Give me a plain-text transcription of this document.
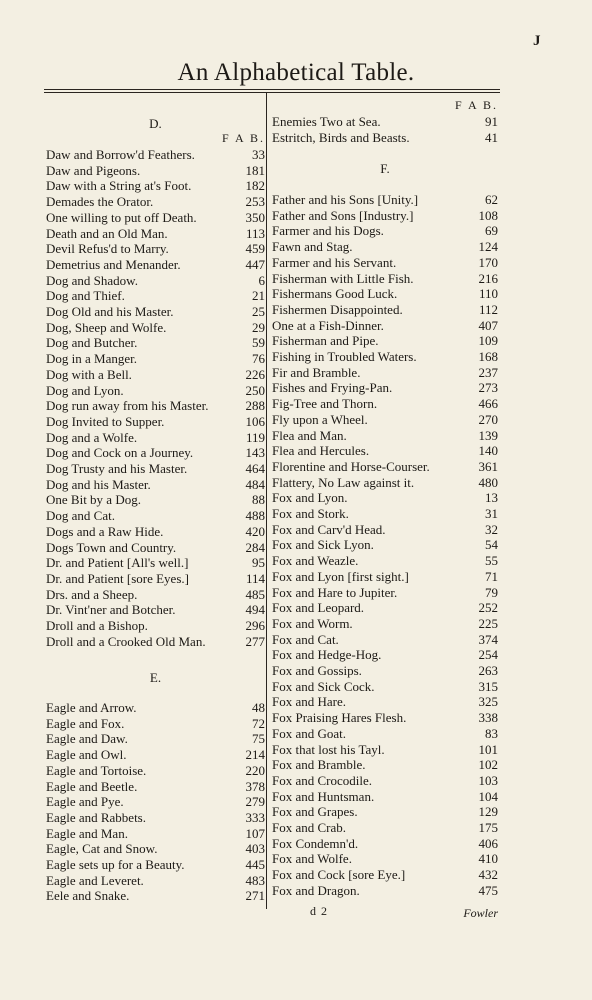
J
An Alphabetical Table.
D.
F A B.
Daw and Borrow'd Feathers.	33
Daw and Pigeons.	181
Daw with a String at's Foot.	182
Demades the Orator.	253
One willing to put off Death.	350
Death and an Old Man.	113
Devil Refus'd to Marry.	459
Demetrius and Menander.	447
Dog and Shadow.	6
Dog and Thief.	21
Dog Old and his Master.	25
Dog, Sheep and Wolfe.	29
Dog and Butcher.	59
Dog in a Manger.	76
Dog with a Bell.	226
Dog and Lyon.	250
Dog run away from his Master.	288
Dog Invited to Supper.	106
Dog and a Wolfe.	119
Dog and Cock on a Journey.	143
Dog Trusty and his Master.	464
Dog and his Master.	484
One Bit by a Dog.	88
Dog and Cat.	488
Dogs and a Raw Hide.	420
Dogs Town and Country.	284
Dr. and Patient [All's well.]	95
Dr. and Patient [sore Eyes.]	114
Drs. and a Sheep.	485
Dr. Vint'ner and Botcher.	494
Droll and a Bishop.	296
Droll and a Crooked Old Man.	277
E.
Eagle and Arrow.	48
Eagle and Fox.	72
Eagle and Daw.	75
Eagle and Owl.	214
Eagle and Tortoise.	220
Eagle and Beetle.	378
Eagle and Pye.	279
Eagle and Rabbets.	333
Eagle and Man.	107
Eagle, Cat and Snow.	403
Eagle sets up for a Beauty.	445
Eagle and Leveret.	483
Eele and Snake.	271
F A B.
Enemies Two at Sea.	91
Estritch, Birds and Beasts.	41
F.
Father and his Sons [Unity.]	62
Father and Sons [Industry.]	108
Farmer and his Dogs.	69
Fawn and Stag.	124
Farmer and his Servant.	170
Fisherman with Little Fish.	216
Fishermans Good Luck.	110
Fishermen Disappointed.	112
One at a Fish-Dinner.	407
Fisherman and Pipe.	109
Fishing in Troubled Waters.	168
Fir and Bramble.	237
Fishes and Frying-Pan.	273
Fig-Tree and Thorn.	466
Fly upon a Wheel.	270
Flea and Man.	139
Flea and Hercules.	140
Florentine and Horse-Courser.	361
Flattery, No Law against it.	480
Fox and Lyon.	13
Fox and Stork.	31
Fox and Carv'd Head.	32
Fox and Sick Lyon.	54
Fox and Weazle.	55
Fox and Lyon [first sight.]	71
Fox and Hare to Jupiter.	79
Fox and Leopard.	252
Fox and Worm.	225
Fox and Cat.	374
Fox and Hedge-Hog.	254
Fox and Gossips.	263
Fox and Sick Cock.	315
Fox and Hare.	325
Fox Praising Hares Flesh.	338
Fox and Goat.	83
Fox that lost his Tayl.	101
Fox and Bramble.	102
Fox and Crocodile.	103
Fox and Huntsman.	104
Fox and Grapes.	129
Fox and Crab.	175
Fox Condemn'd.	406
Fox and Wolfe.	410
Fox and Cock [sore Eye.]	432
Fox and Dragon.	475
d 2	Fowler
